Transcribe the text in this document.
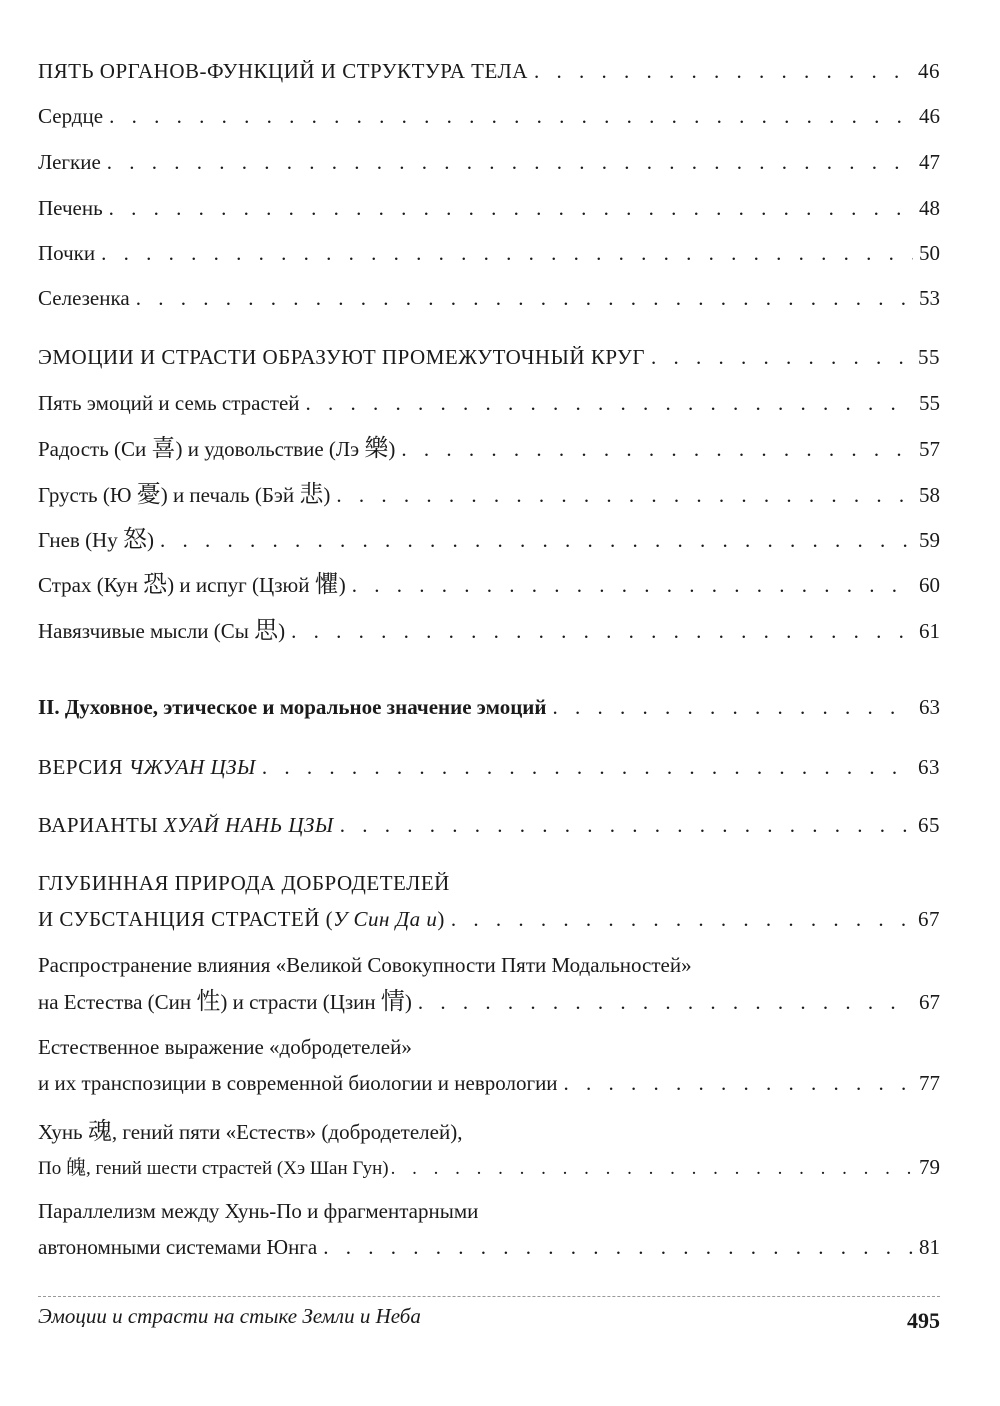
ПЯТЬ ОРГАНОВ-ФУНКЦИЙ И СТРУКТУРА ТЕЛА . . .	46
Сердце . . .	46
Легкие . . .	47
Печень . . .	48
Почки . . .	50
Селезенка . . .	53
ЭМОЦИИ И СТРАСТИ ОБРАЗУЮТ ПРОМЕЖУТОЧНЫЙ КРУГ . . .	55
Пять эмоций и семь страстей . . .	55
Радость (Си 喜) и удовольствие (Лэ 樂) . . .	57
Грусть (Ю 憂) и печаль (Бэй 悲) . . .	58
Гнев (Ну 怒) . . .	59
Страх (Кун 恐) и испуг (Цзюй 懼) . . .	60
Навязчивые мысли (Сы 思) . . .	61
II. Духовное, этическое и моральное значение эмоций . . .	63
ВЕРСИЯ ЧЖУАН ЦЗЫ . . .	63
ВАРИАНТЫ ХУАЙ НАНЬ ЦЗЫ . . .	65
ГЛУБИННАЯ ПРИРОДА ДОБРОДЕТЕЛЕЙ
И СУБСТАНЦИЯ СТРАСТЕЙ (У Син Да и) . . .	67
Распространение влияния «Великой Совокупности Пяти Модальностей»
на Естества (Син 性) и страсти (Цзин 情) . . .	67
Естественное выражение «добродетелей»
и их транспозиции в современной биологии и неврологии . . .	77
Хунь 魂, гений пяти «Естеств» (добродетелей),
По 魄, гений шести страстей (Хэ Шан Гун) . . .	79
Параллелизм между Хунь-По и фрагментарными
автономными системами Юнга . . .	81
Эмоции и страсти на стыке Земли и Неба	495
